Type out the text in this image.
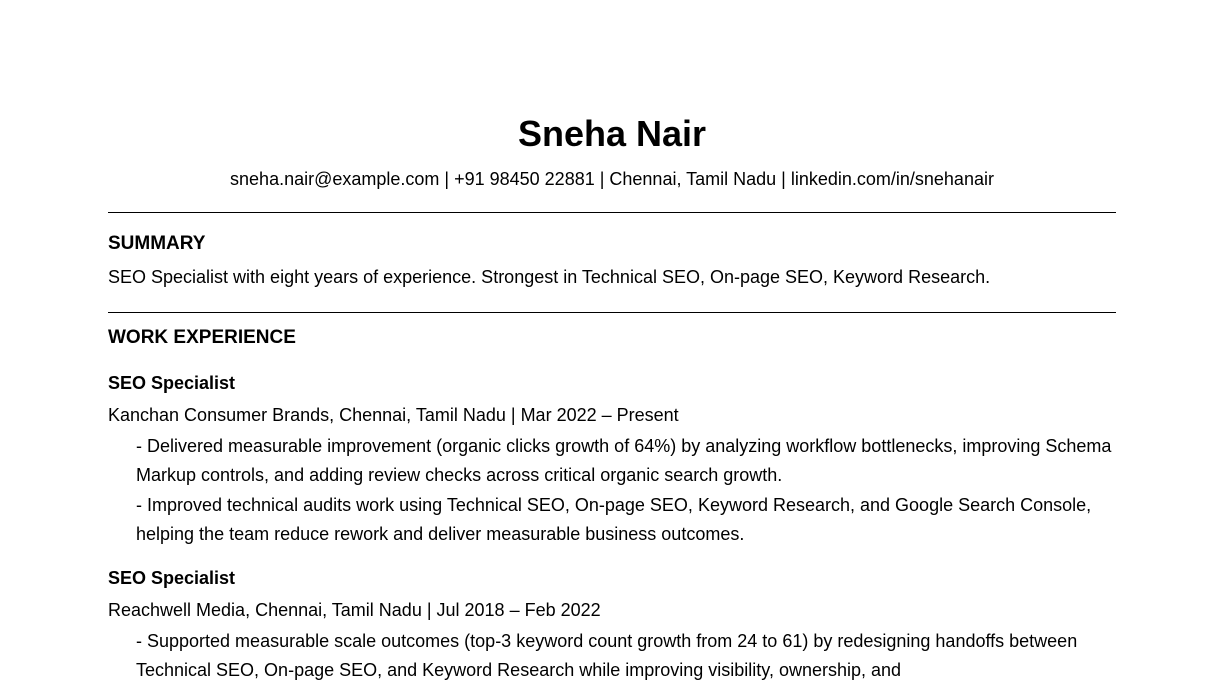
Sneha Nair
sneha.nair@example.com | +91 98450 22881 | Chennai, Tamil Nadu | linkedin.com/in/snehanair
SUMMARY
SEO Specialist with eight years of experience. Strongest in Technical SEO, On-page SEO, Keyword Research.
WORK EXPERIENCE
SEO Specialist
Kanchan Consumer Brands, Chennai, Tamil Nadu | Mar 2022 – Present
- Delivered measurable improvement (organic clicks growth of 64%) by analyzing workflow bottlenecks, improving Schema Markup controls, and adding review checks across critical organic search growth.
- Improved technical audits work using Technical SEO, On-page SEO, Keyword Research, and Google Search Console, helping the team reduce rework and deliver measurable business outcomes.
SEO Specialist
Reachwell Media, Chennai, Tamil Nadu | Jul 2018 – Feb 2022
- Supported measurable scale outcomes (top-3 keyword count growth from 24 to 61) by redesigning handoffs between Technical SEO, On-page SEO, and Keyword Research while improving visibility, ownership, and
